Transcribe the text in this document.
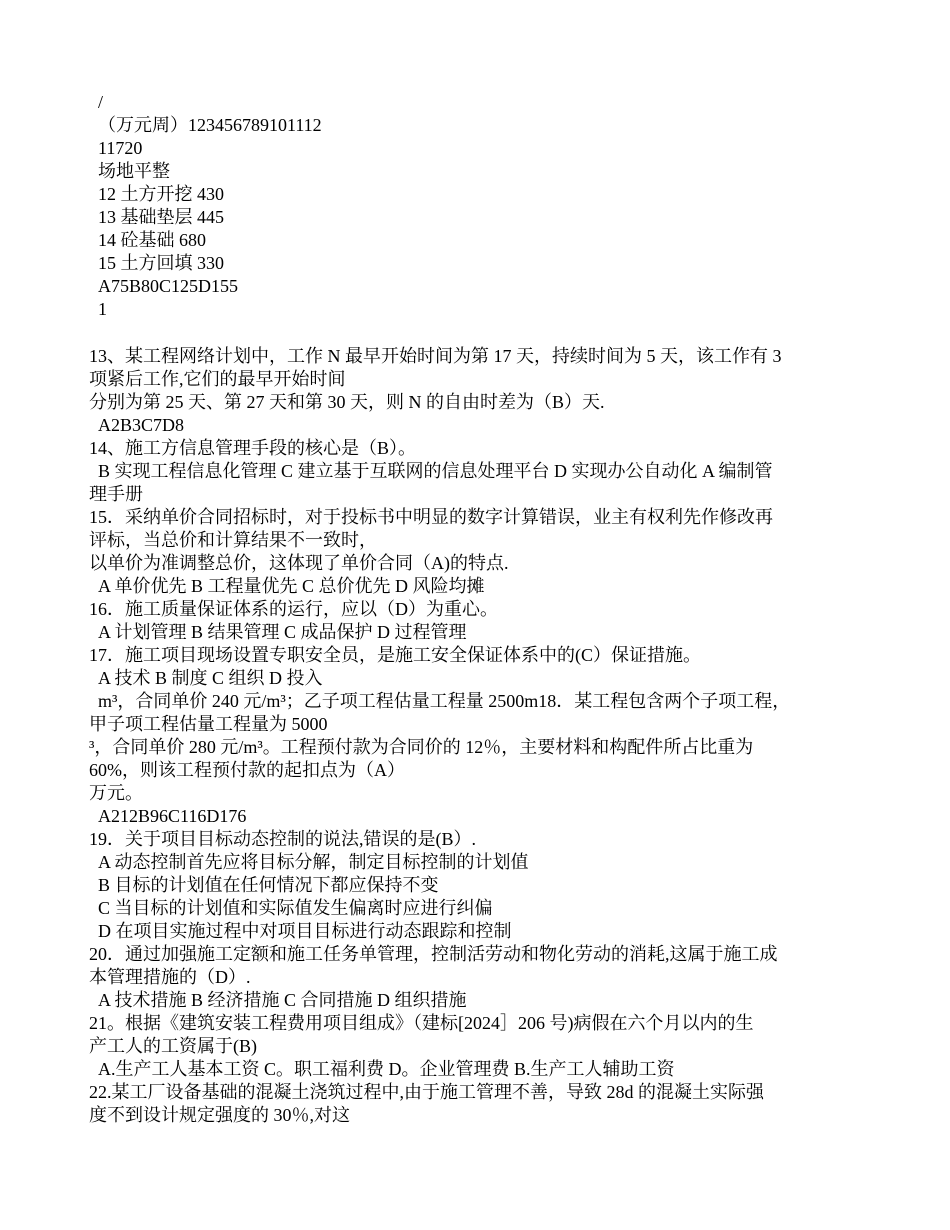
/
（万元周）123456789101112
11720
场地平整
12 土方开挖 430
13 基础垫层 445
14 砼基础 680
15 土方回填 330
A75B80C125D155
1
13、某工程网络计划中，工作 N 最早开始时间为第 17 天，持续时间为 5 天，该工作有 3
项紧后工作,它们的最早开始时间
分别为第 25 天、第 27 天和第 30 天，则 N 的自由时差为（B）天.
A2B3C7D8
14、施工方信息管理手段的核心是（B）。
B 实现工程信息化管理 C 建立基于互联网的信息处理平台 D 实现办公自动化 A 编制管
理手册
15．采纳单价合同招标时，对于投标书中明显的数字计算错误，业主有权利先作修改再
评标，当总价和计算结果不一致时，
以单价为准调整总价，这体现了单价合同（A)的特点.
A 单价优先 B 工程量优先 C 总价优先 D 风险均摊
16．施工质量保证体系的运行，应以（D）为重心。
A 计划管理 B 结果管理 C 成品保护 D 过程管理
17．施工项目现场设置专职安全员，是施工安全保证体系中的(C）保证措施。
A 技术 B 制度 C 组织 D 投入
m³，合同单价 240 元/m³；乙子项工程估量工程量 2500m18．某工程包含两个子项工程，
甲子项工程估量工程量为 5000
³，合同单价 280 元/m³。工程预付款为合同价的 12％，主要材料和构配件所占比重为
60%，则该工程预付款的起扣点为（A）
万元。
A212B96C116D176
19．关于项目目标动态控制的说法,错误的是(B）.
A 动态控制首先应将目标分解，制定目标控制的计划值
B 目标的计划值在任何情况下都应保持不变
C 当目标的计划值和实际值发生偏离时应进行纠偏
D 在项目实施过程中对项目目标进行动态跟踪和控制
20．通过加强施工定额和施工任务单管理，控制活劳动和物化劳动的消耗,这属于施工成
本管理措施的（D）.
A 技术措施 B 经济措施 C 合同措施 D 组织措施
21。根据《建筑安装工程费用项目组成》（建标[2024］206 号)病假在六个月以内的生
产工人的工资属于(B)
A.生产工人基本工资 C。职工福利费 D。企业管理费 B.生产工人辅助工资
22.某工厂设备基础的混凝土浇筑过程中,由于施工管理不善，导致 28d 的混凝土实际强
度不到设计规定强度的 30％,对这
